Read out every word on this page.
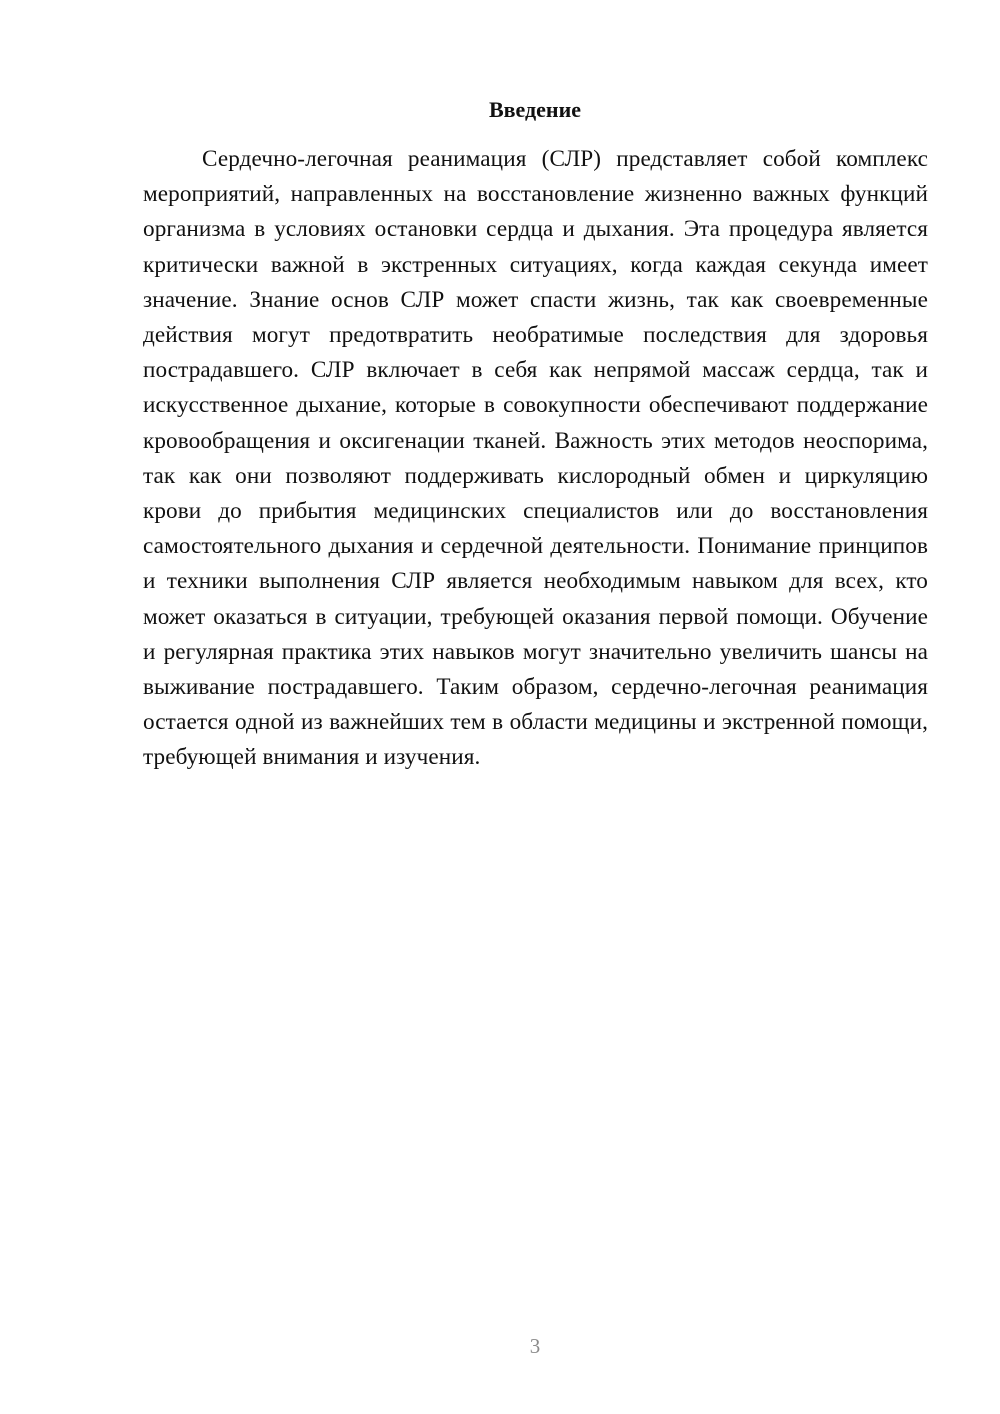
Введение

Сердечно-легочная реанимация (СЛР) представляет собой комплекс мероприятий, направленных на восстановление жизненно важных функций организма в условиях остановки сердца и дыхания. Эта процедура является критически важной в экстренных ситуациях, когда каждая секунда имеет значение. Знание основ СЛР может спасти жизнь, так как своевременные действия могут предотвратить необратимые последствия для здоровья пострадавшего. СЛР включает в себя как непрямой массаж сердца, так и искусственное дыхание, которые в совокупности обеспечивают поддержание кровообращения и оксигенации тканей. Важность этих методов неоспорима, так как они позволяют поддерживать кислородный обмен и циркуляцию крови до прибытия медицинских специалистов или до восстановления самостоятельного дыхания и сердечной деятельности. Понимание принципов и техники выполнения СЛР является необходимым навыком для всех, кто может оказаться в ситуации, требующей оказания первой помощи. Обучение и регулярная практика этих навыков могут значительно увеличить шансы на выживание пострадавшего. Таким образом, сердечно-легочная реанимация остается одной из важнейших тем в области медицины и экстренной помощи, требующей внимания и изучения.

3
